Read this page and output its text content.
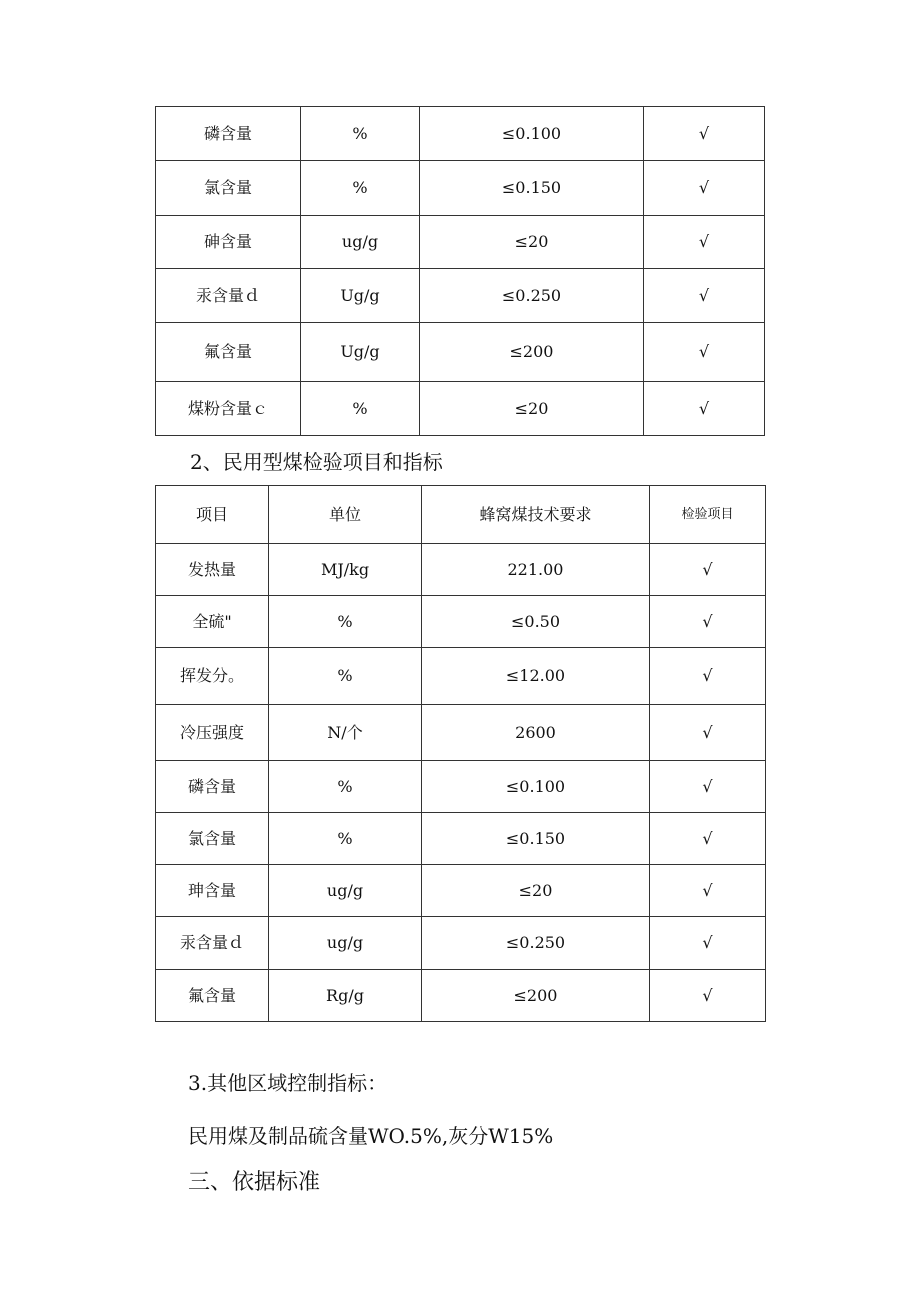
磷含量	%	≤0.100	√
氯含量	%	≤0.150	√
砷含量	ug/g	≤20	√
汞含量ｄ	Ug/g	≤0.250	√
氟含量	Ug/g	≤200	√
煤粉含量ｃ	%	≤20	√

2、民用型煤检验项目和指标

项目	单位	蜂窝煤技术要求	检验项目
发热量	MJ/kg	221.00	√
全硫"	%	≤0.50	√
挥发分。	%	≤12.00	√
冷压强度	N/个	2600	√
磷含量	%	≤0.100	√
氯含量	%	≤0.150	√
珅含量	ug/g	≤20	√
汞含量ｄ	ug/g	≤0.250	√
氟含量	Rg/g	≤200	√

3.其他区域控制指标：

民用煤及制品硫含量WO.5%,灰分W15%

三、依据标准
